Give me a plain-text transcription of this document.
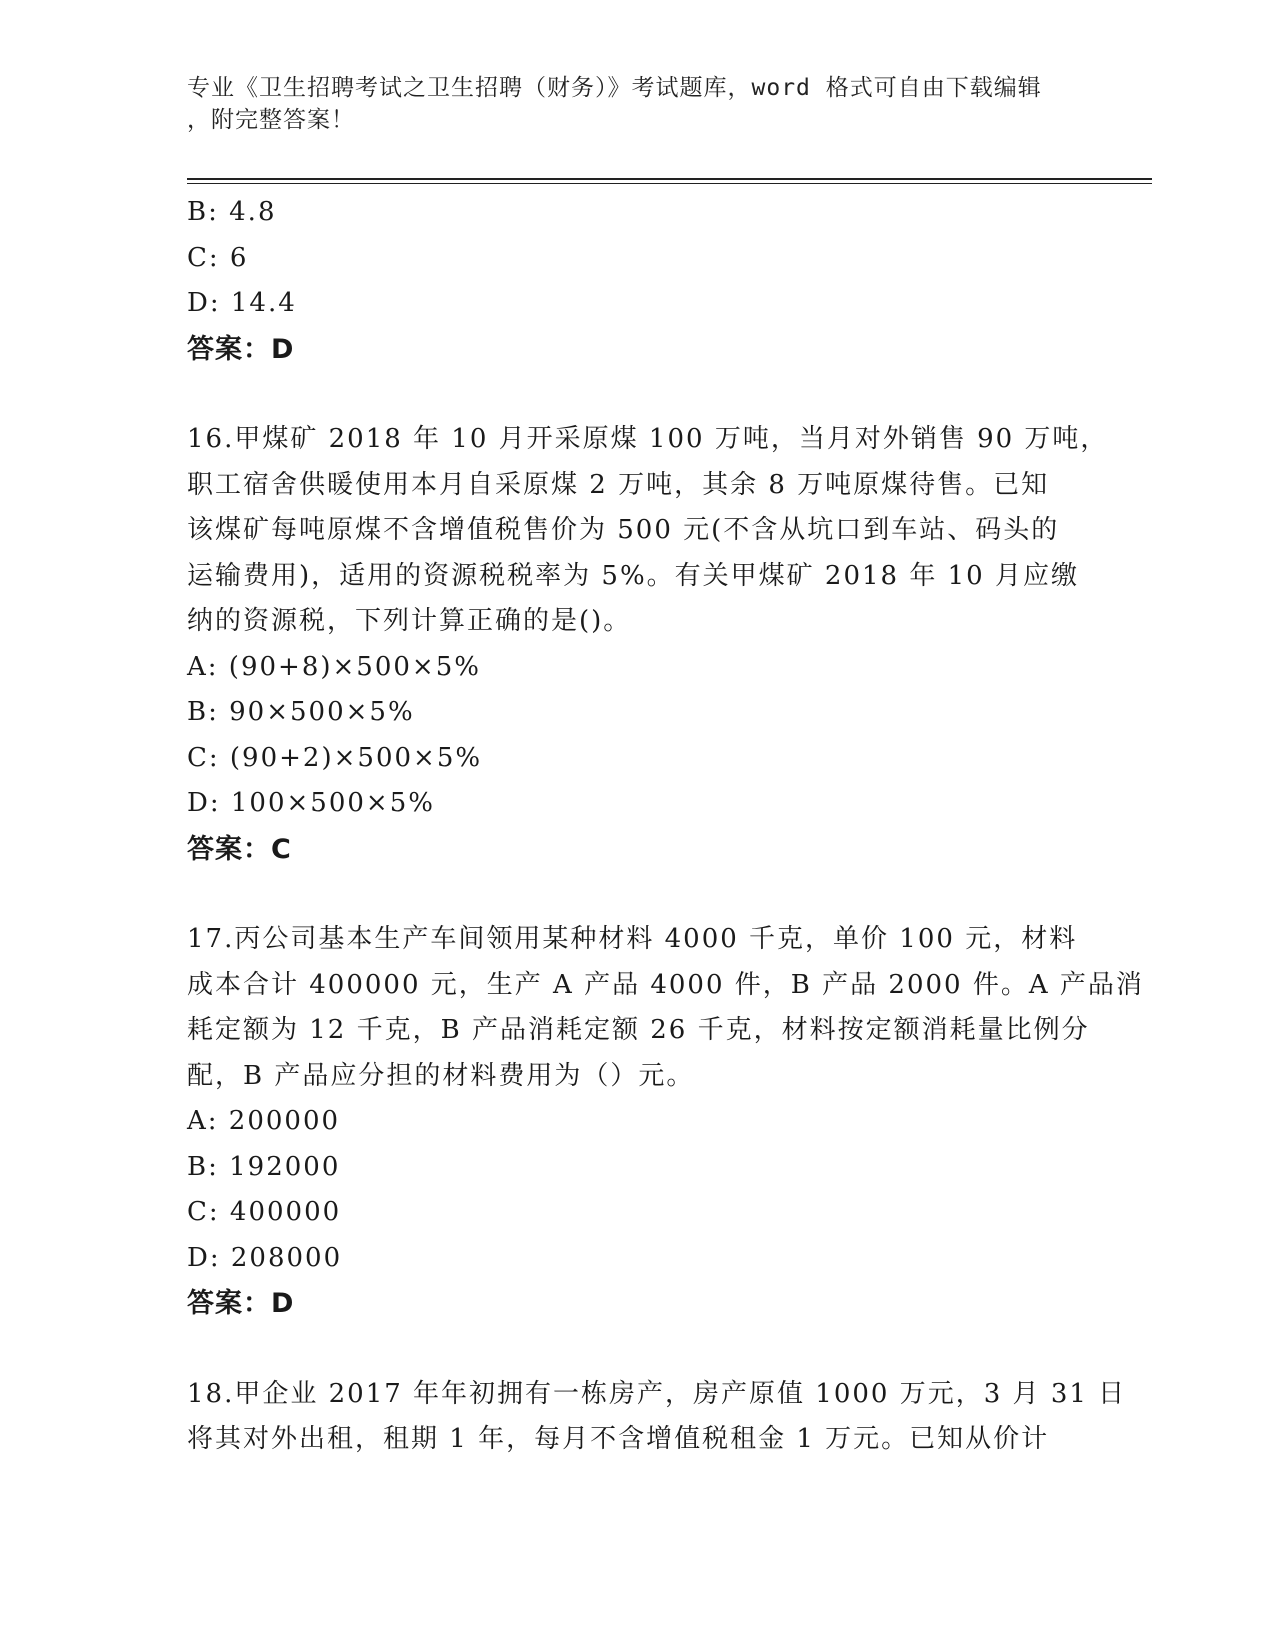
专业《卫生招聘考试之卫生招聘（财务）》考试题库，word 格式可自由下载编辑
，附完整答案！
B: 4.8
C: 6
D: 14.4
答案：D
16.甲煤矿 2018 年 10 月开采原煤 100 万吨，当月对外销售 90 万吨，
职工宿舍供暖使用本月自采原煤 2 万吨，其余 8 万吨原煤待售。已知
该煤矿每吨原煤不含增值税售价为 500 元(不含从坑口到车站、码头的
运输费用)，适用的资源税税率为 5%。有关甲煤矿 2018 年 10 月应缴
纳的资源税，下列计算正确的是()。
A: (90+8)×500×5%
B: 90×500×5%
C: (90+2)×500×5%
D: 100×500×5%
答案：C
17.丙公司基本生产车间领用某种材料 4000 千克，单价 100 元，材料
成本合计 400000 元，生产 A 产品 4000 件，B 产品 2000 件。A 产品消
耗定额为 12 千克，B 产品消耗定额 26 千克，材料按定额消耗量比例分
配，B 产品应分担的材料费用为（）元。
A: 200000
B: 192000
C: 400000
D: 208000
答案：D
18.甲企业 2017 年年初拥有一栋房产，房产原值 1000 万元，3 月 31 日
将其对外出租，租期 1 年，每月不含增值税租金 1 万元。已知从价计
